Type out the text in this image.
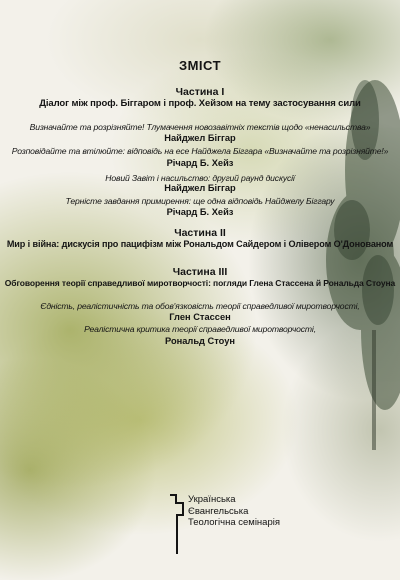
ЗМІСТ
Частина І
Діалог між проф. Біггаром і проф. Хейзом на тему застосування сили
Визначайте та розрізняйте! Тлумачення новозавітніх текстів щодо «ненасильства»
Найджел Біггар
Розповідайте та втілюйте: відповідь на есе Найджела Біггара «Визначайте та розрізняйте!»
Річард Б. Хейз
Новий Завіт і насильство: другий раунд дискусії
Найджел Біггар
Терністе завдання примирення: ще одна відповідь Найджелу Біггару
Річард Б. Хейз
Частина ІІ
Мир і війна: дискусія про пацифізм між Рональдом Сайдером і Олівером О'Донованом
Частина ІІІ
Обговорення теорії справедливої миротворчості: погляди Глена Стассена й Рональда Стоуна
Єдність, реалістичність та обов'язковість теорії справедливої миротворчості,
Глен Стассен
Реалістична критика теорії справедливої миротворчості,
Рональд Стоун
Українська
Євангельська
Теологічна семінарія
